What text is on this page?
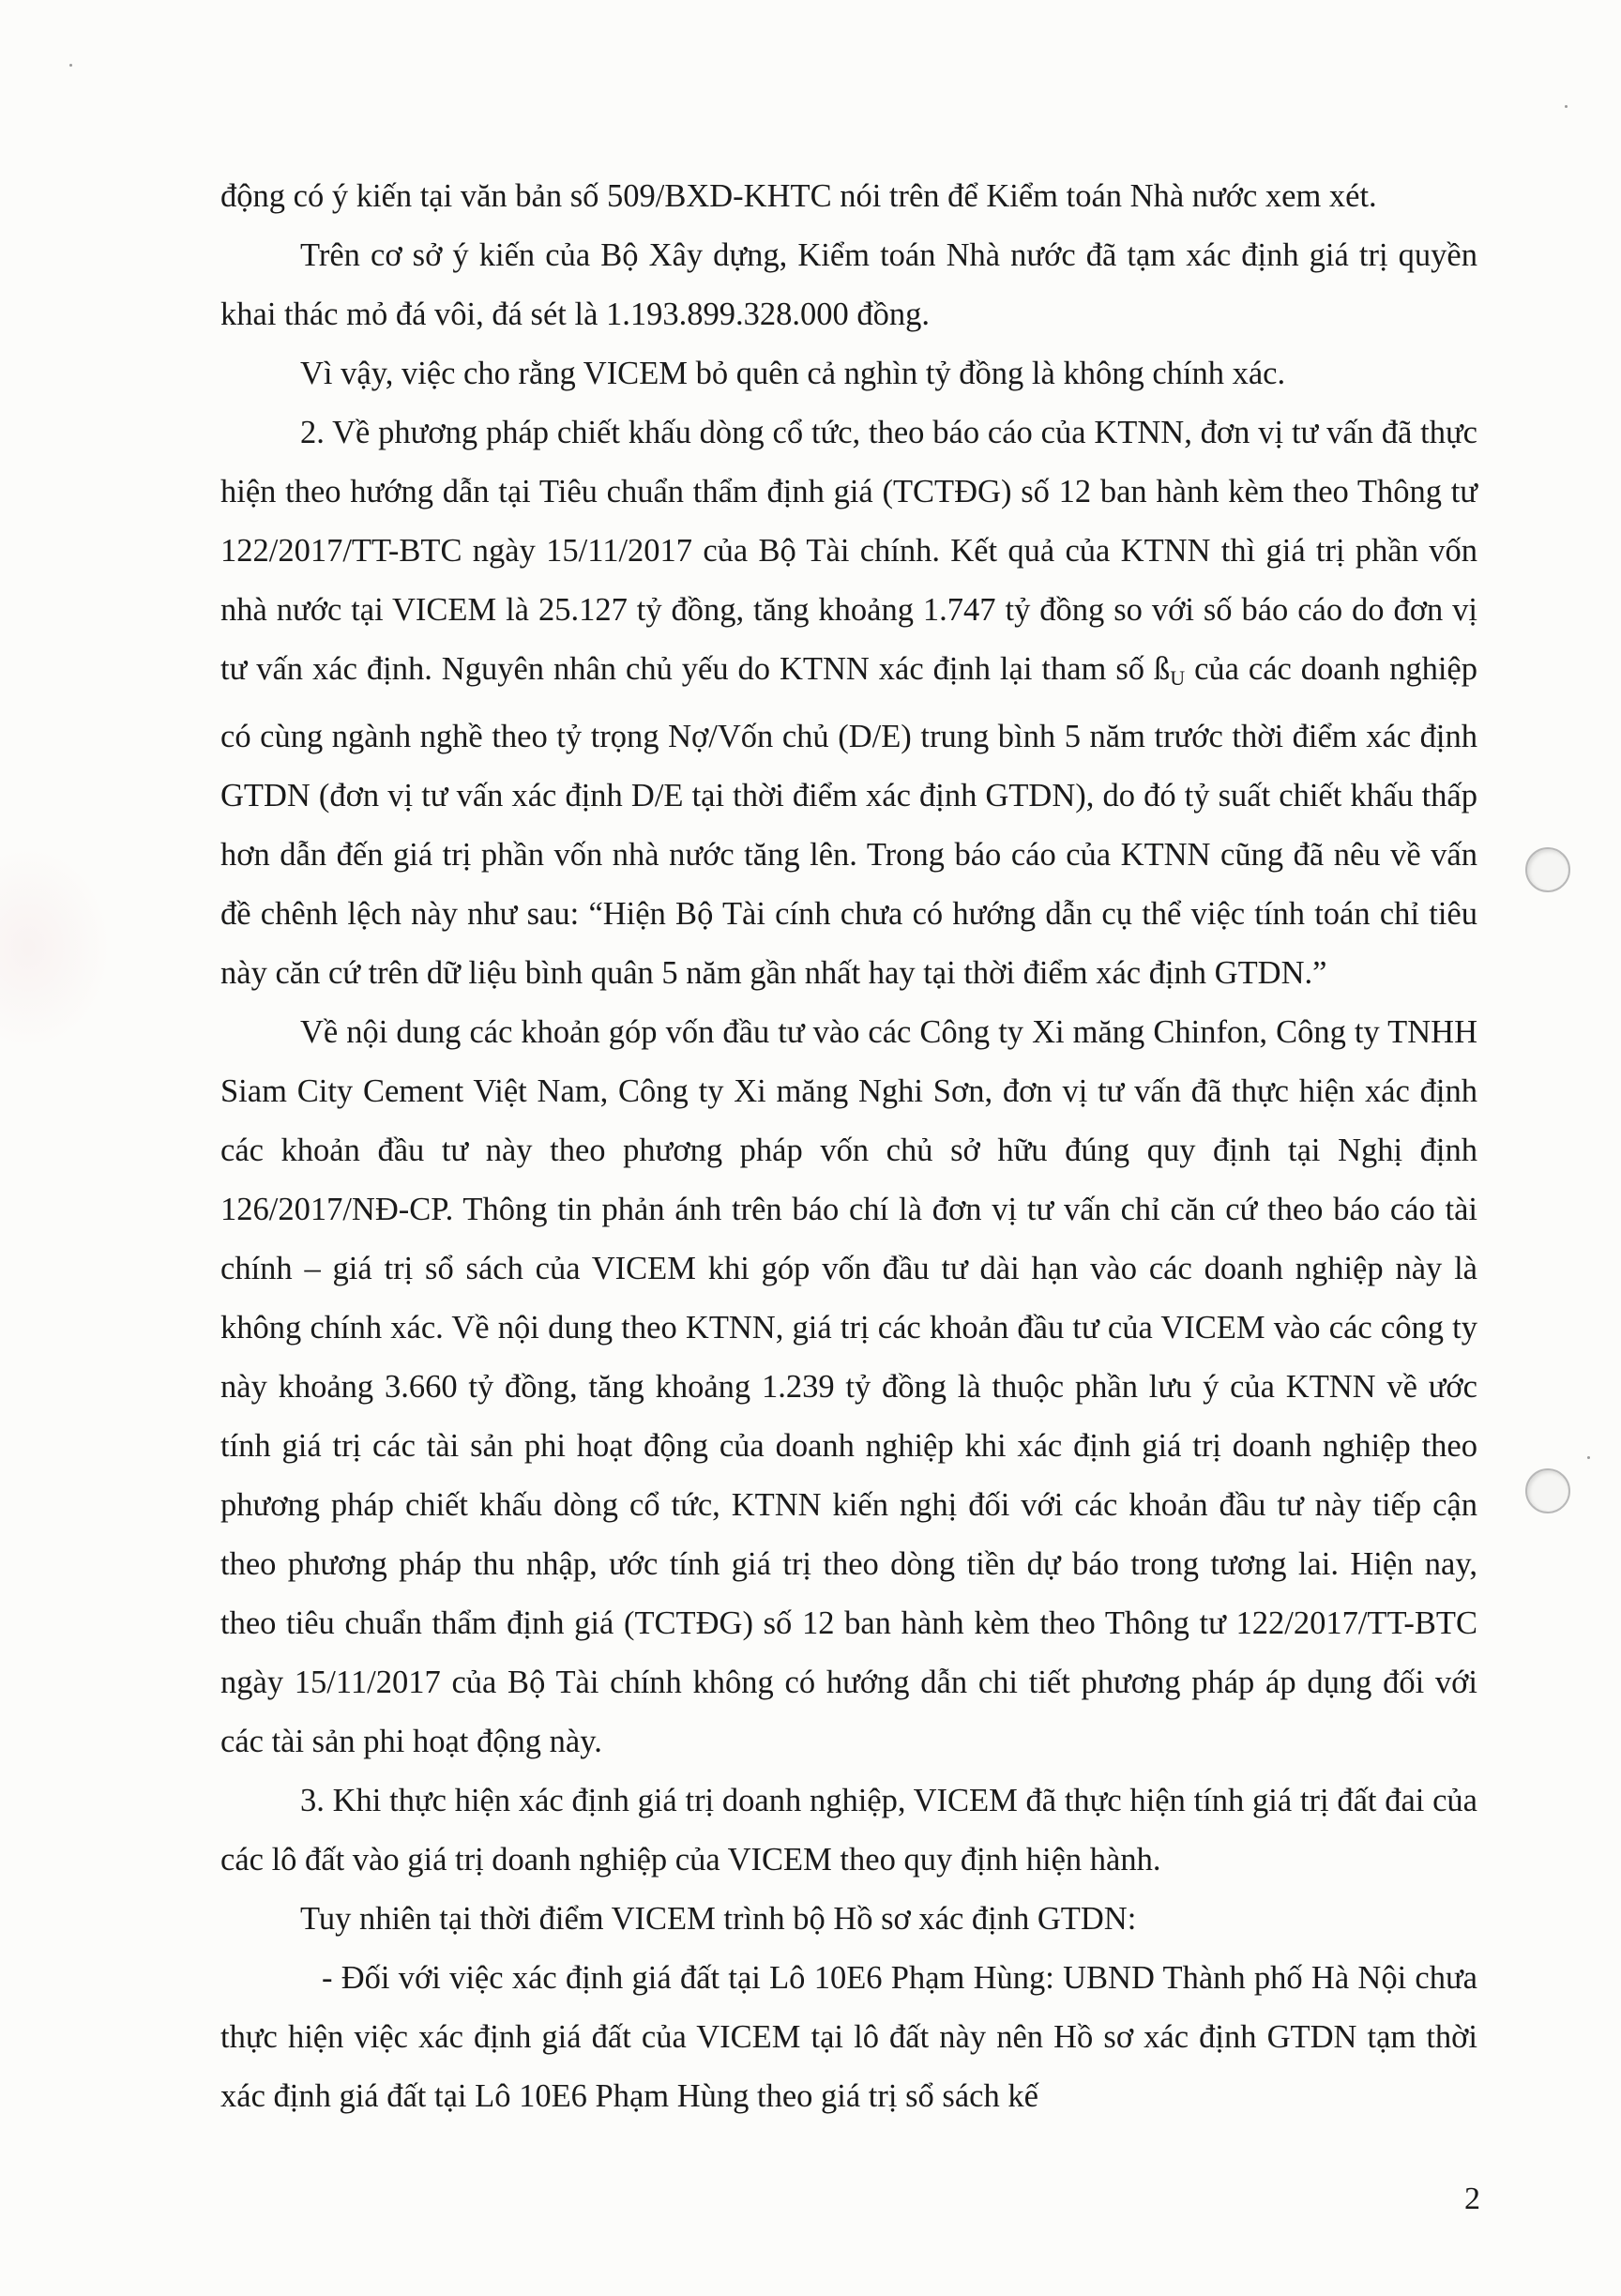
động có ý kiến tại văn bản số 509/BXD-KHTC nói trên để Kiểm toán Nhà nước xem xét.

Trên cơ sở ý kiến của Bộ Xây dựng, Kiểm toán Nhà nước đã tạm xác định giá trị quyền khai thác mỏ đá vôi, đá sét là 1.193.899.328.000 đồng.

Vì vậy, việc cho rằng VICEM bỏ quên cả nghìn tỷ đồng là không chính xác.

2. Về phương pháp chiết khấu dòng cổ tức, theo báo cáo của KTNN, đơn vị tư vấn đã thực hiện theo hướng dẫn tại Tiêu chuẩn thẩm định giá (TCTĐG) số 12 ban hành kèm theo Thông tư 122/2017/TT-BTC ngày 15/11/2017 của Bộ Tài chính. Kết quả của KTNN thì giá trị phần vốn nhà nước tại VICEM là 25.127 tỷ đồng, tăng khoảng 1.747 tỷ đồng so với số báo cáo do đơn vị tư vấn xác định. Nguyên nhân chủ yếu do KTNN xác định lại tham số ßU của các doanh nghiệp có cùng ngành nghề theo tỷ trọng Nợ/Vốn chủ (D/E) trung bình 5 năm trước thời điểm xác định GTDN (đơn vị tư vấn xác định D/E tại thời điểm xác định GTDN), do đó tỷ suất chiết khấu thấp hơn dẫn đến giá trị phần vốn nhà nước tăng lên. Trong báo cáo của KTNN cũng đã nêu về vấn đề chênh lệch này như sau: “Hiện Bộ Tài cính chưa có hướng dẫn cụ thể việc tính toán chỉ tiêu này căn cứ trên dữ liệu bình quân 5 năm gần nhất hay tại thời điểm xác định GTDN.”

Về nội dung các khoản góp vốn đầu tư vào các Công ty Xi măng Chinfon, Công ty TNHH Siam City Cement Việt Nam, Công ty Xi măng Nghi Sơn, đơn vị tư vấn đã thực hiện xác định các khoản đầu tư này theo phương pháp vốn chủ sở hữu đúng quy định tại Nghị định 126/2017/NĐ-CP. Thông tin phản ánh trên báo chí là đơn vị tư vấn chỉ căn cứ theo báo cáo tài chính – giá trị sổ sách của VICEM khi góp vốn đầu tư dài hạn vào các doanh nghiệp này là không chính xác. Về nội dung theo KTNN, giá trị các khoản đầu tư của VICEM vào các công ty này khoảng 3.660 tỷ đồng, tăng khoảng 1.239 tỷ đồng là thuộc phần lưu ý của KTNN về ước tính giá trị các tài sản phi hoạt động của doanh nghiệp khi xác định giá trị doanh nghiệp theo phương pháp chiết khấu dòng cổ tức, KTNN kiến nghị đối với các khoản đầu tư này tiếp cận theo phương pháp thu nhập, ước tính giá trị theo dòng tiền dự báo trong tương lai. Hiện nay, theo tiêu chuẩn thẩm định giá (TCTĐG) số 12 ban hành kèm theo Thông tư 122/2017/TT-BTC ngày 15/11/2017 của Bộ Tài chính không có hướng dẫn chi tiết phương pháp áp dụng đối với các tài sản phi hoạt động này.

3. Khi thực hiện xác định giá trị doanh nghiệp, VICEM đã thực hiện tính giá trị đất đai của các lô đất vào giá trị doanh nghiệp của VICEM theo quy định hiện hành.

Tuy nhiên tại thời điểm VICEM trình bộ Hồ sơ xác định GTDN:

- Đối với việc xác định giá đất tại Lô 10E6 Phạm Hùng: UBND Thành phố Hà Nội chưa thực hiện việc xác định giá đất của VICEM tại lô đất này nên Hồ sơ xác định GTDN tạm thời xác định giá đất tại Lô 10E6 Phạm Hùng theo giá trị sổ sách kế

2
